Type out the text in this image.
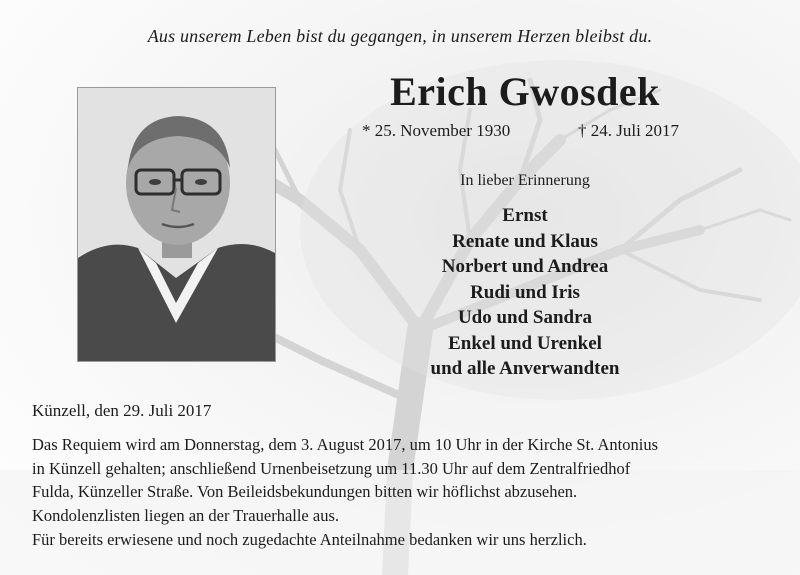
Aus unserem Leben bist du gegangen, in unserem Herzen bleibst du.
Erich Gwosdek
* 25. November 1930	† 24. Juli 2017
In lieber Erinnerung
Ernst
Renate und Klaus
Norbert und Andrea
Rudi und Iris
Udo und Sandra
Enkel und Urenkel
und alle Anverwandten
Künzell, den 29. Juli 2017

Das Requiem wird am Donnerstag, dem 3. August 2017, um 10 Uhr in der Kirche St. Antonius

in Künzell gehalten; anschließend Urnenbeisetzung um 11.30 Uhr auf dem Zentralfriedhof

Fulda, Künzeller Straße. Von Beileidsbekundungen bitten wir höflichst abzusehen.

Kondolenzlisten liegen an der Trauerhalle aus.

Für bereits erwiesene und noch zugedachte Anteilnahme bedanken wir uns herzlich.
